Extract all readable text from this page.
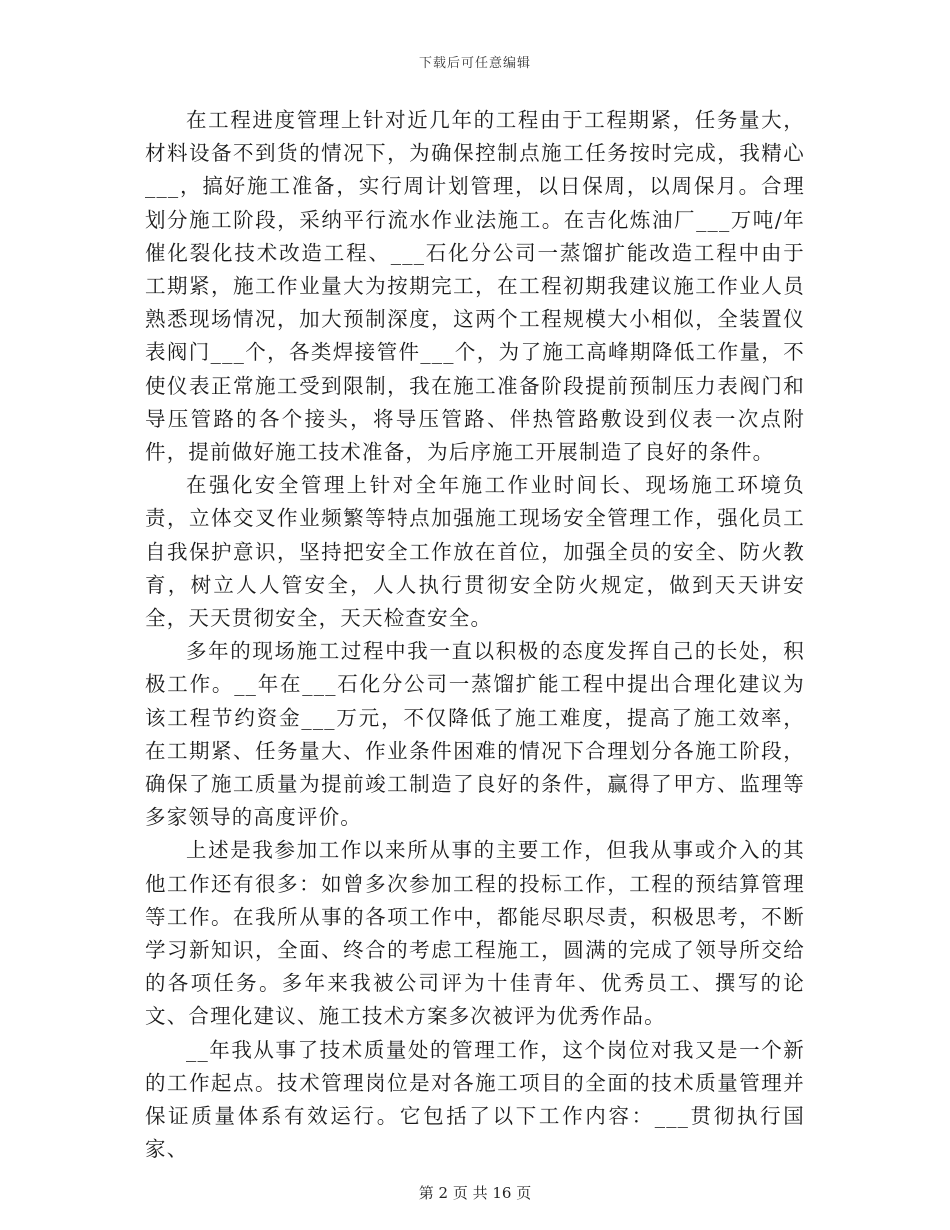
下载后可任意编辑

在工程进度管理上针对近几年的工程由于工程期紧，任务量大，材料设备不到货的情况下，为确保控制点施工任务按时完成，我精心___，搞好施工准备，实行周计划管理，以日保周，以周保月。合理划分施工阶段，采纳平行流水作业法施工。在吉化炼油厂___万吨/年催化裂化技术改造工程、___石化分公司一蒸馏扩能改造工程中由于工期紧，施工作业量大为按期完工，在工程初期我建议施工作业人员熟悉现场情况，加大预制深度，这两个工程规模大小相似，全装置仪表阀门___个，各类焊接管件___个，为了施工高峰期降低工作量，不使仪表正常施工受到限制，我在施工准备阶段提前预制压力表阀门和导压管路的各个接头，将导压管路、伴热管路敷设到仪表一次点附件，提前做好施工技术准备，为后序施工开展制造了良好的条件。

在强化安全管理上针对全年施工作业时间长、现场施工环境负责，立体交叉作业频繁等特点加强施工现场安全管理工作，强化员工自我保护意识，坚持把安全工作放在首位，加强全员的安全、防火教育，树立人人管安全，人人执行贯彻安全防火规定，做到天天讲安全，天天贯彻安全，天天检查安全。

多年的现场施工过程中我一直以积极的态度发挥自己的长处，积极工作。__年在___石化分公司一蒸馏扩能工程中提出合理化建议为该工程节约资金___万元，不仅降低了施工难度，提高了施工效率，在工期紧、任务量大、作业条件困难的情况下合理划分各施工阶段，确保了施工质量为提前竣工制造了良好的条件，赢得了甲方、监理等多家领导的高度评价。

上述是我参加工作以来所从事的主要工作，但我从事或介入的其他工作还有很多：如曾多次参加工程的投标工作，工程的预结算管理等工作。在我所从事的各项工作中，都能尽职尽责，积极思考，不断学习新知识，全面、终合的考虑工程施工，圆满的完成了领导所交给的各项任务。多年来我被公司评为十佳青年、优秀员工、撰写的论文、合理化建议、施工技术方案多次被评为优秀作品。

__年我从事了技术质量处的管理工作，这个岗位对我又是一个新的工作起点。技术管理岗位是对各施工项目的全面的技术质量管理并保证质量体系有效运行。它包括了以下工作内容：___贯彻执行国家、

第 2 页 共 16 页
